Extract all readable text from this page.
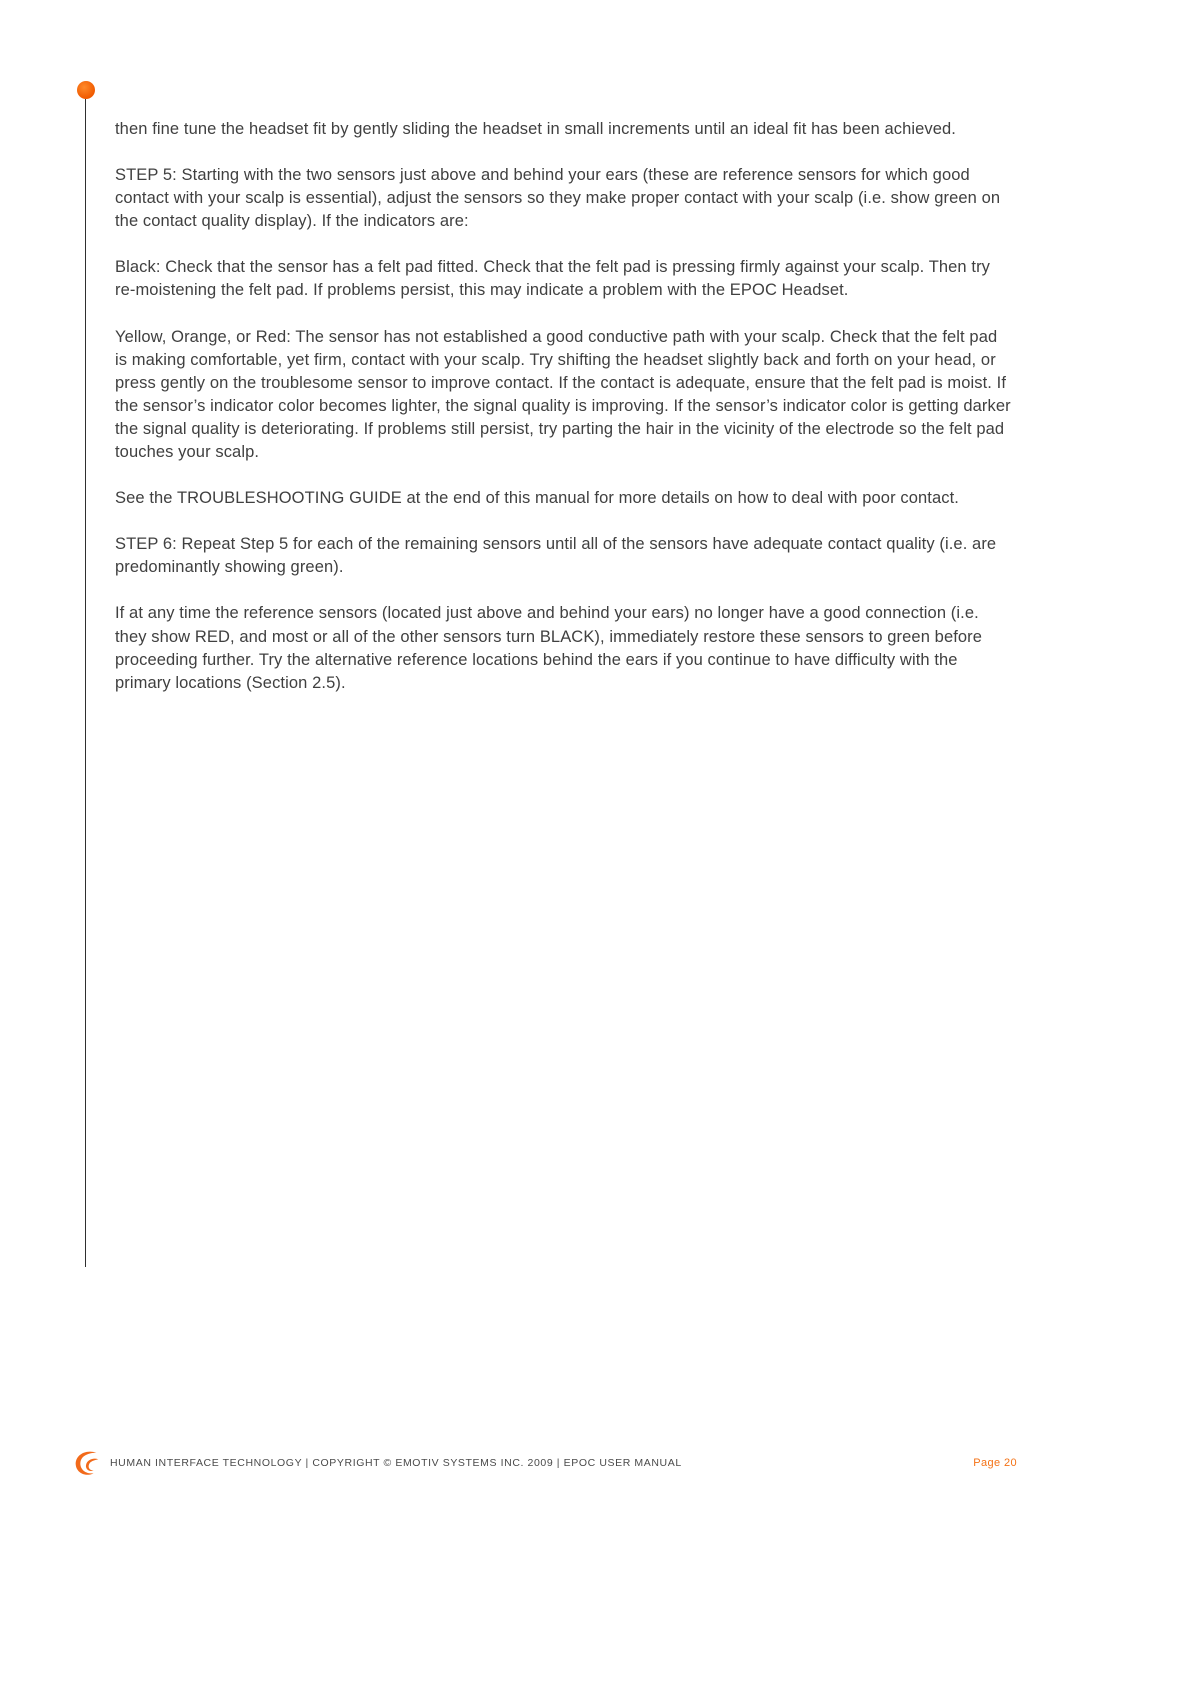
then fine tune the headset fit by gently sliding the headset in small increments until an ideal fit has been achieved.

STEP 5: Starting with the two sensors just above and behind your ears (these are reference sensors for which good contact with your scalp is essential), adjust the sensors so they make proper contact with your scalp (i.e. show green on the contact quality display). If the indicators are:

Black: Check that the sensor has a felt pad fitted. Check that the felt pad is pressing firmly against your scalp. Then try re-moistening the felt pad. If problems persist, this may indicate a problem with the EPOC Headset.

Yellow, Orange, or Red: The sensor has not established a good conductive path with your scalp. Check that the felt pad is making comfortable, yet firm, contact with your scalp. Try shifting the headset slightly back and forth on your head, or press gently on the troublesome sensor to improve contact. If the contact is adequate, ensure that the felt pad is moist. If the sensor’s indicator color becomes lighter, the signal quality is improving. If the sensor’s indicator color is getting darker the signal quality is deteriorating. If problems still persist, try parting the hair in the vicinity of the electrode so the felt pad touches your scalp.

See the TROUBLESHOOTING GUIDE at the end of this manual for more details on how to deal with poor contact.

STEP 6: Repeat Step 5 for each of the remaining sensors until all of the sensors have adequate contact quality (i.e. are predominantly showing green).

If at any time the reference sensors (located just above and behind your ears) no longer have a good connection (i.e. they show RED, and most or all of the other sensors turn BLACK), immediately restore these sensors to green before proceeding further. Try the alternative reference locations behind the ears if you continue to have difficulty with the primary locations (Section 2.5).

HUMAN INTERFACE TECHNOLOGY | COPYRIGHT © EMOTIV SYSTEMS INC. 2009 | EPOC USER MANUAL	Page 20
